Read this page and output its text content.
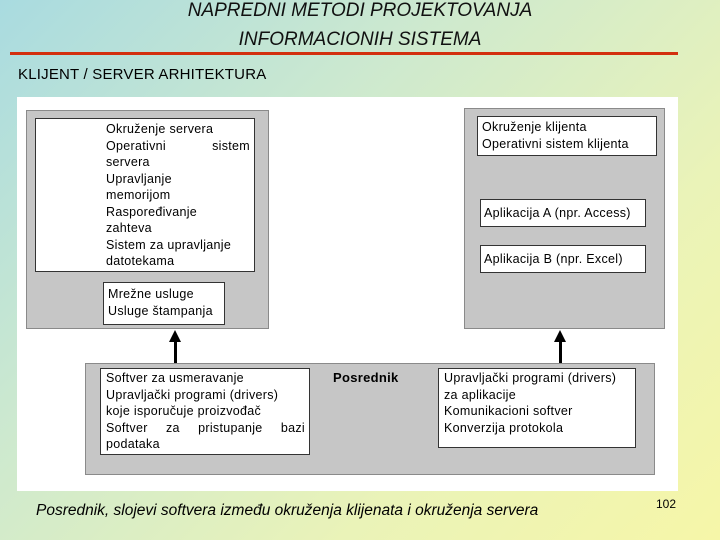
NAPREDNI METODI PROJEKTOVANJA
INFORMACIONIH SISTEMA
KLIJENT / SERVER ARHITEKTURA
Okruženje servera
Operativni	sistem
servera
Upravljanje
memorijom
Raspoređivanje
zahteva
Sistem za upravljanje
datotekama
Mrežne usluge
Usluge štampanja
Okruženje klijenta
Operativni sistem klijenta
Aplikacija A (npr. Access)
Aplikacija B (npr. Excel)
Softver za usmeravanje
Upravljački programi (drivers)
koje isporučuje proizvođač
Softver za pristupanje bazi
podataka
Posrednik	Upravljački programi (drivers)
za aplikacije
Komunikacioni softver
Konverzija protokola
Posrednik, slojevi softvera između okruženja klijenata i okruženja servera	102
